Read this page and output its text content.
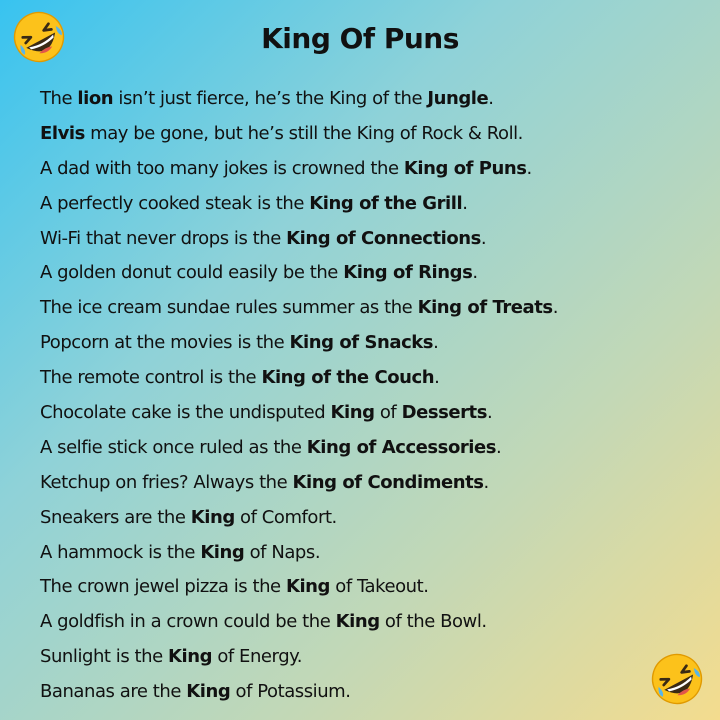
King Of Puns
The lion isn’t just fierce, he’s the King of the Jungle.
Elvis may be gone, but he’s still the King of Rock & Roll.
A dad with too many jokes is crowned the King of Puns.
A perfectly cooked steak is the King of the Grill.
Wi-Fi that never drops is the King of Connections.
A golden donut could easily be the King of Rings.
The ice cream sundae rules summer as the King of Treats.
Popcorn at the movies is the King of Snacks.
The remote control is the King of the Couch.
Chocolate cake is the undisputed King of Desserts.
A selfie stick once ruled as the King of Accessories.
Ketchup on fries? Always the King of Condiments.
Sneakers are the King of Comfort.
A hammock is the King of Naps.
The crown jewel pizza is the King of Takeout.
A goldfish in a crown could be the King of the Bowl.
Sunlight is the King of Energy.
Bananas are the King of Potassium.
